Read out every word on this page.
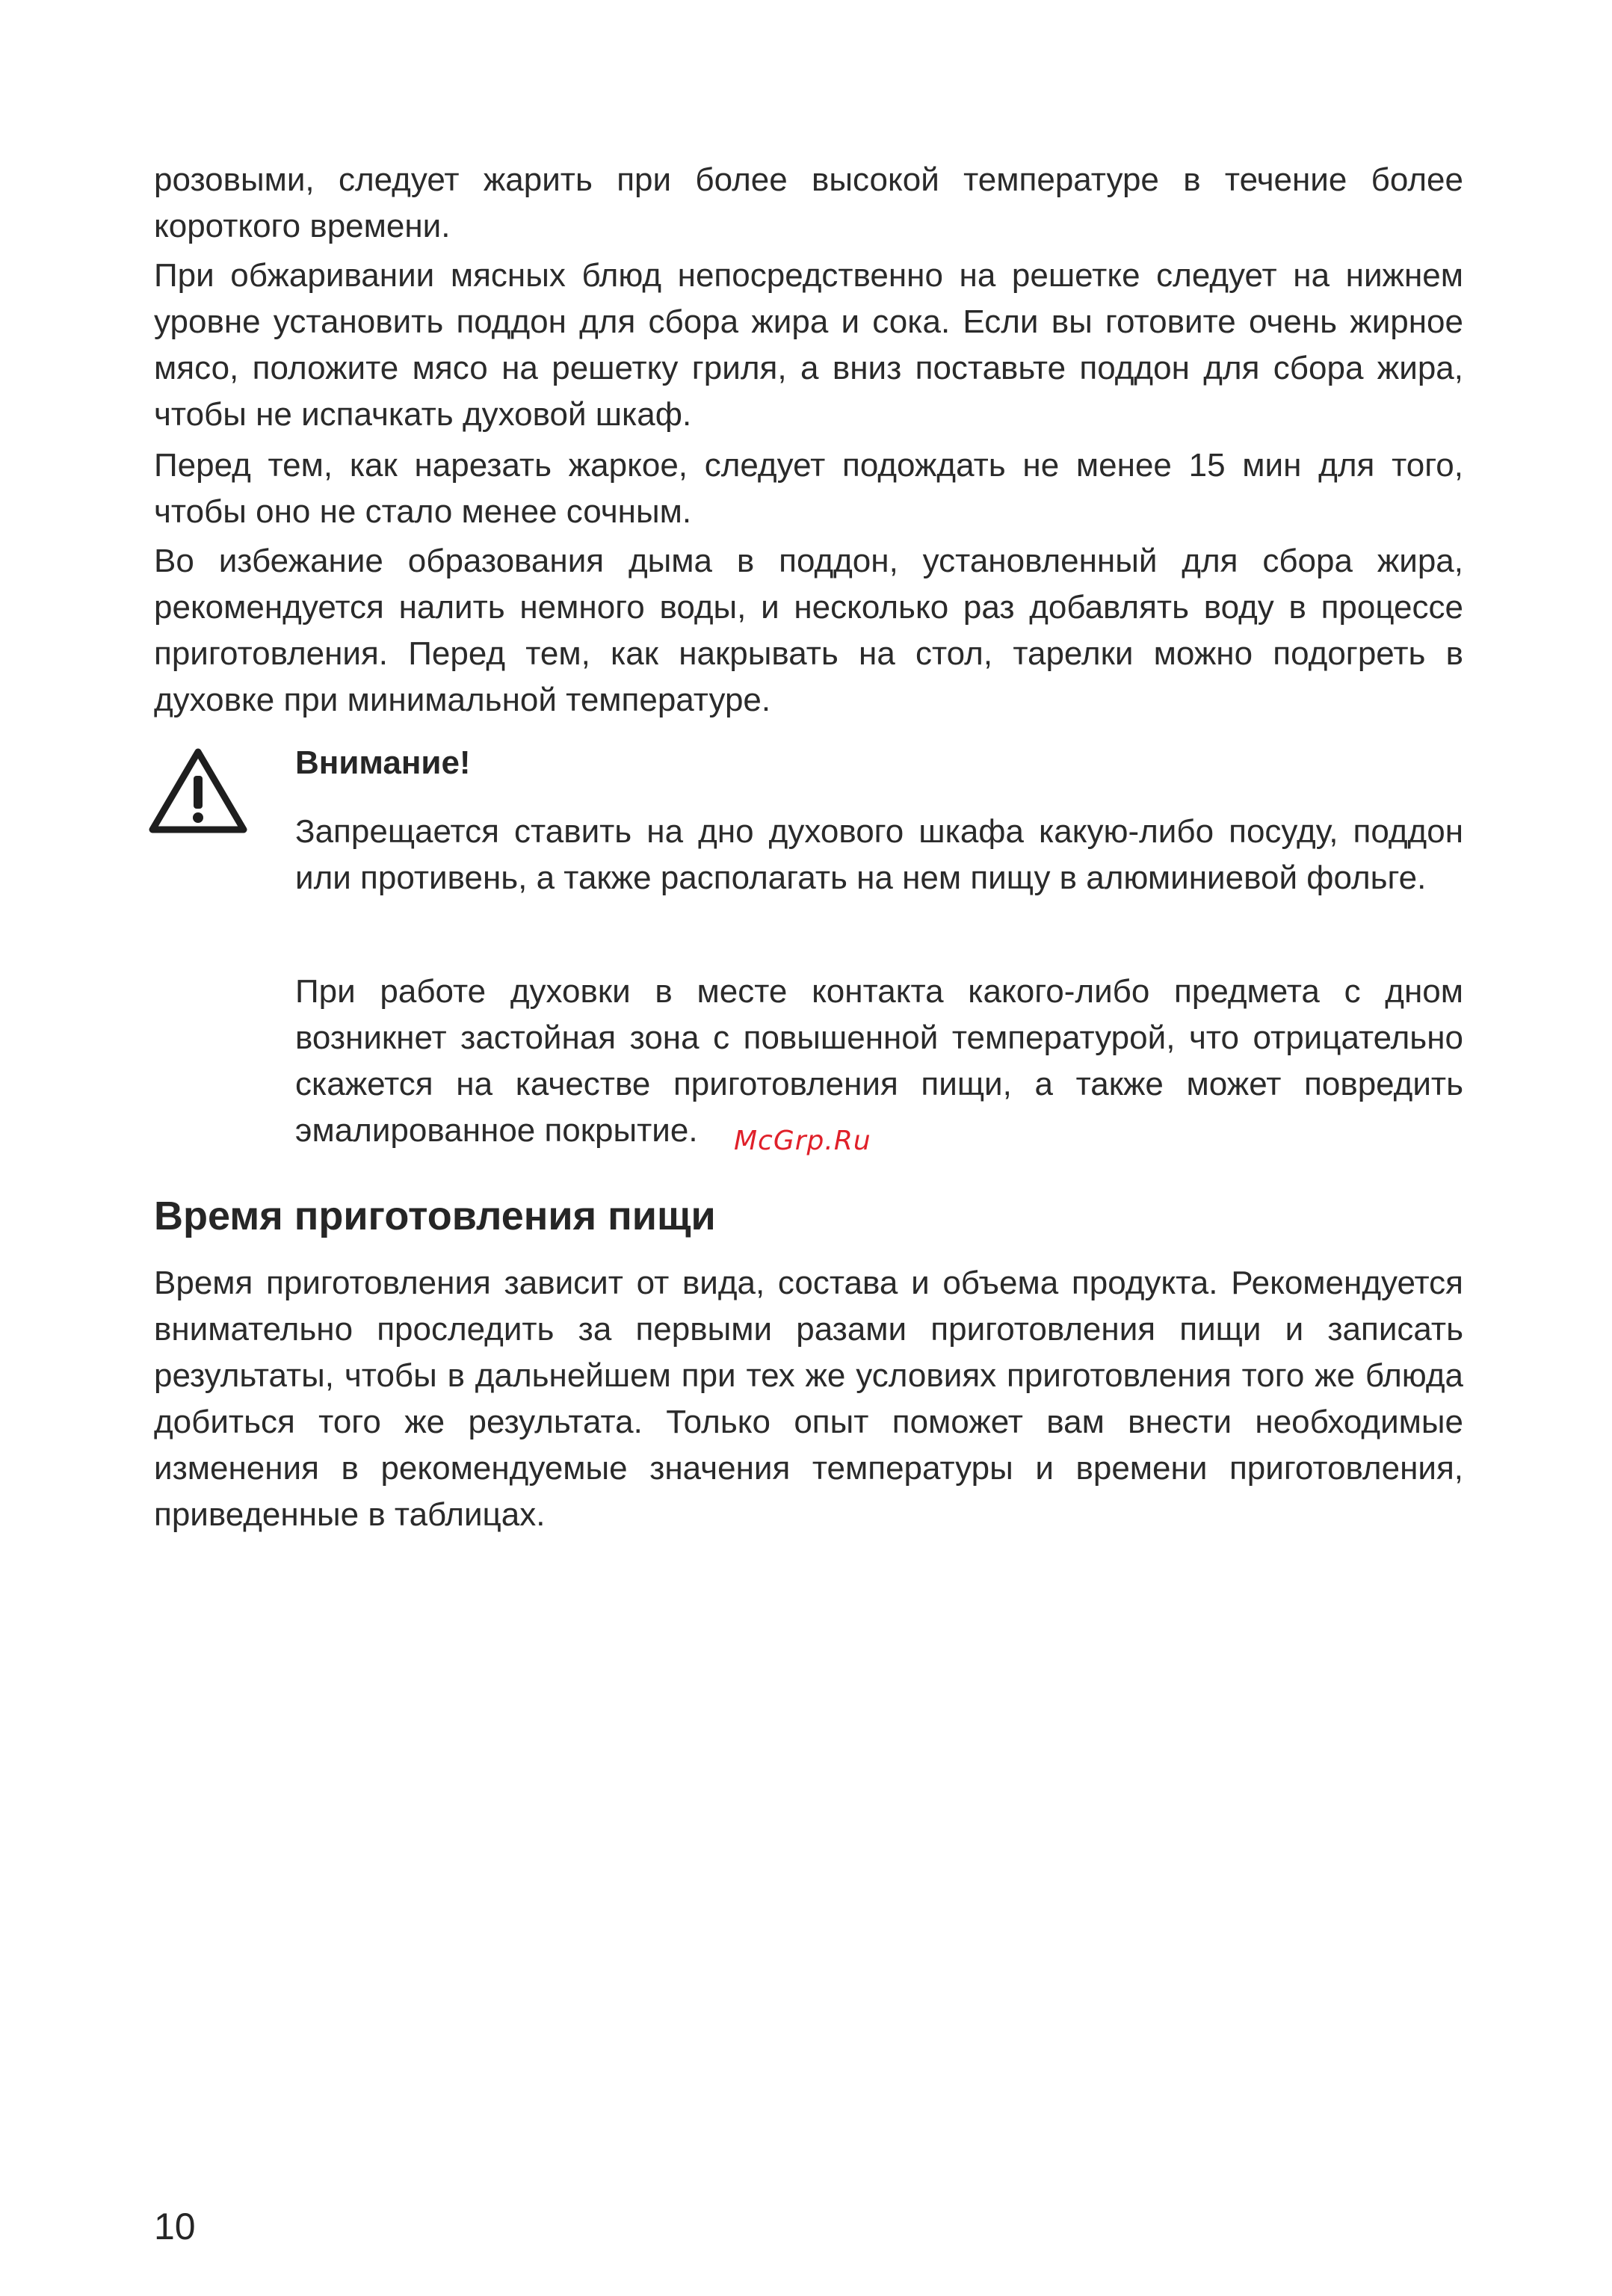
розовыми, следует жарить при более высокой температуре в течение более короткого времени.

При обжаривании мясных блюд непосредственно на решетке следует на нижнем уровне установить поддон для сбора жира и сока. Если вы готовите очень жирное мясо, положите мясо на решетку гриля, а вниз поставьте поддон для сбора жира, чтобы не испачкать духовой шкаф.

Перед тем, как нарезать жаркое, следует подождать не менее 15 мин для того, чтобы оно не стало менее сочным.

Во избежание образования дыма в поддон, установленный для сбора жира, рекомендуется налить немного воды, и несколько раз добавлять воду в процессе приготовления. Перед тем, как накрывать на стол, тарелки можно подогреть в духовке при минимальной температуре.

Внимание!

Запрещается ставить на дно духового шкафа какую-либо посуду, поддон или противень, а также располагать на нем пищу в алюминиевой фольге.

При работе духовки в месте контакта какого-либо предмета с дном возникнет застойная зона с повышенной температурой, что отрицательно скажется на качестве приготовления пищи, а также может повредить эмалированное покрытие.	McGrp.Ru
Время приготовления пищи

Время приготовления зависит от вида, состава и объема продукта. Рекомендуется внимательно проследить за первыми разами приготовления пищи и записать результаты, чтобы в дальнейшем при тех же условиях приготовления того же блюда добиться того же результата. Только опыт поможет вам внести необходимые изменения в рекомендуемые значения температуры и времени приготовления, приведенные в таблицах.

10
